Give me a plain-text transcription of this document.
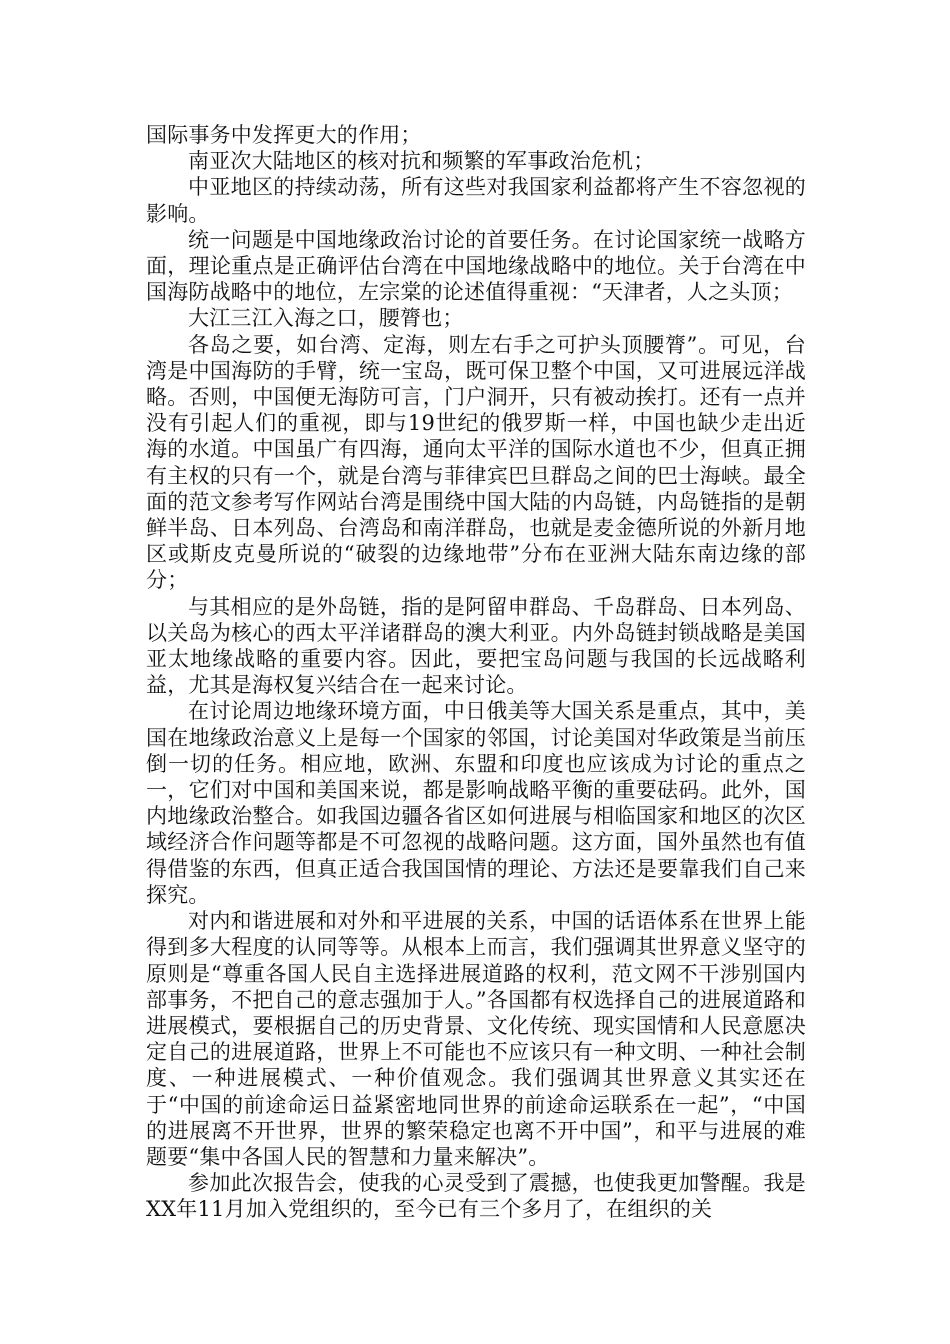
国际事务中发挥更大的作用；

南亚次大陆地区的核对抗和频繁的军事政治危机；

中亚地区的持续动荡，所有这些对我国家利益都将产生不容忽视的影响。

统一问题是中国地缘政治讨论的首要任务。在讨论国家统一战略方面，理论重点是正确评估台湾在中国地缘战略中的地位。关于台湾在中国海防战略中的地位，左宗棠的论述值得重视：“天津者，人之头顶；

大江三江入海之口，腰膂也；

各岛之要，如台湾、定海，则左右手之可护头顶腰膂”。可见，台湾是中国海防的手臂，统一宝岛，既可保卫整个中国，又可进展远洋战略。否则，中国便无海防可言，门户洞开，只有被动挨打。还有一点并没有引起人们的重视，即与19世纪的俄罗斯一样，中国也缺少走出近海的水道。中国虽广有四海，通向太平洋的国际水道也不少，但真正拥有主权的只有一个，就是台湾与菲律宾巴旦群岛之间的巴士海峡。最全面的范文参考写作网站台湾是围绕中国大陆的内岛链，内岛链指的是朝鲜半岛、日本列岛、台湾岛和南洋群岛，也就是麦金德所说的外新月地区或斯皮克曼所说的“破裂的边缘地带”分布在亚洲大陆东南边缘的部分；

与其相应的是外岛链，指的是阿留申群岛、千岛群岛、日本列岛、以关岛为核心的西太平洋诸群岛的澳大利亚。内外岛链封锁战略是美国亚太地缘战略的重要内容。因此，要把宝岛问题与我国的长远战略利益，尤其是海权复兴结合在一起来讨论。

在讨论周边地缘环境方面，中日俄美等大国关系是重点，其中，美国在地缘政治意义上是每一个国家的邻国，讨论美国对华政策是当前压倒一切的任务。相应地，欧洲、东盟和印度也应该成为讨论的重点之一，它们对中国和美国来说，都是影响战略平衡的重要砝码。此外，国内地缘政治整合。如我国边疆各省区如何进展与相临国家和地区的次区域经济合作问题等都是不可忽视的战略问题。这方面，国外虽然也有值得借鉴的东西，但真正适合我国国情的理论、方法还是要靠我们自己来探究。

对内和谐进展和对外和平进展的关系，中国的话语体系在世界上能得到多大程度的认同等等。从根本上而言，我们强调其世界意义坚守的原则是“尊重各国人民自主选择进展道路的权利，范文网不干涉别国内部事务，不把自己的意志强加于人。”各国都有权选择自己的进展道路和进展模式，要根据自己的历史背景、文化传统、现实国情和人民意愿决定自己的进展道路，世界上不可能也不应该只有一种文明、一种社会制度、一种进展模式、一种价值观念。我们强调其世界意义其实还在于“中国的前途命运日益紧密地同世界的前途命运联系在一起”，“中国的进展离不开世界，世界的繁荣稳定也离不开中国”，和平与进展的难题要“集中各国人民的智慧和力量来解决”。

参加此次报告会，使我的心灵受到了震撼，也使我更加警醒。我是XX年11月加入党组织的，至今已有三个多月了，在组织的关
